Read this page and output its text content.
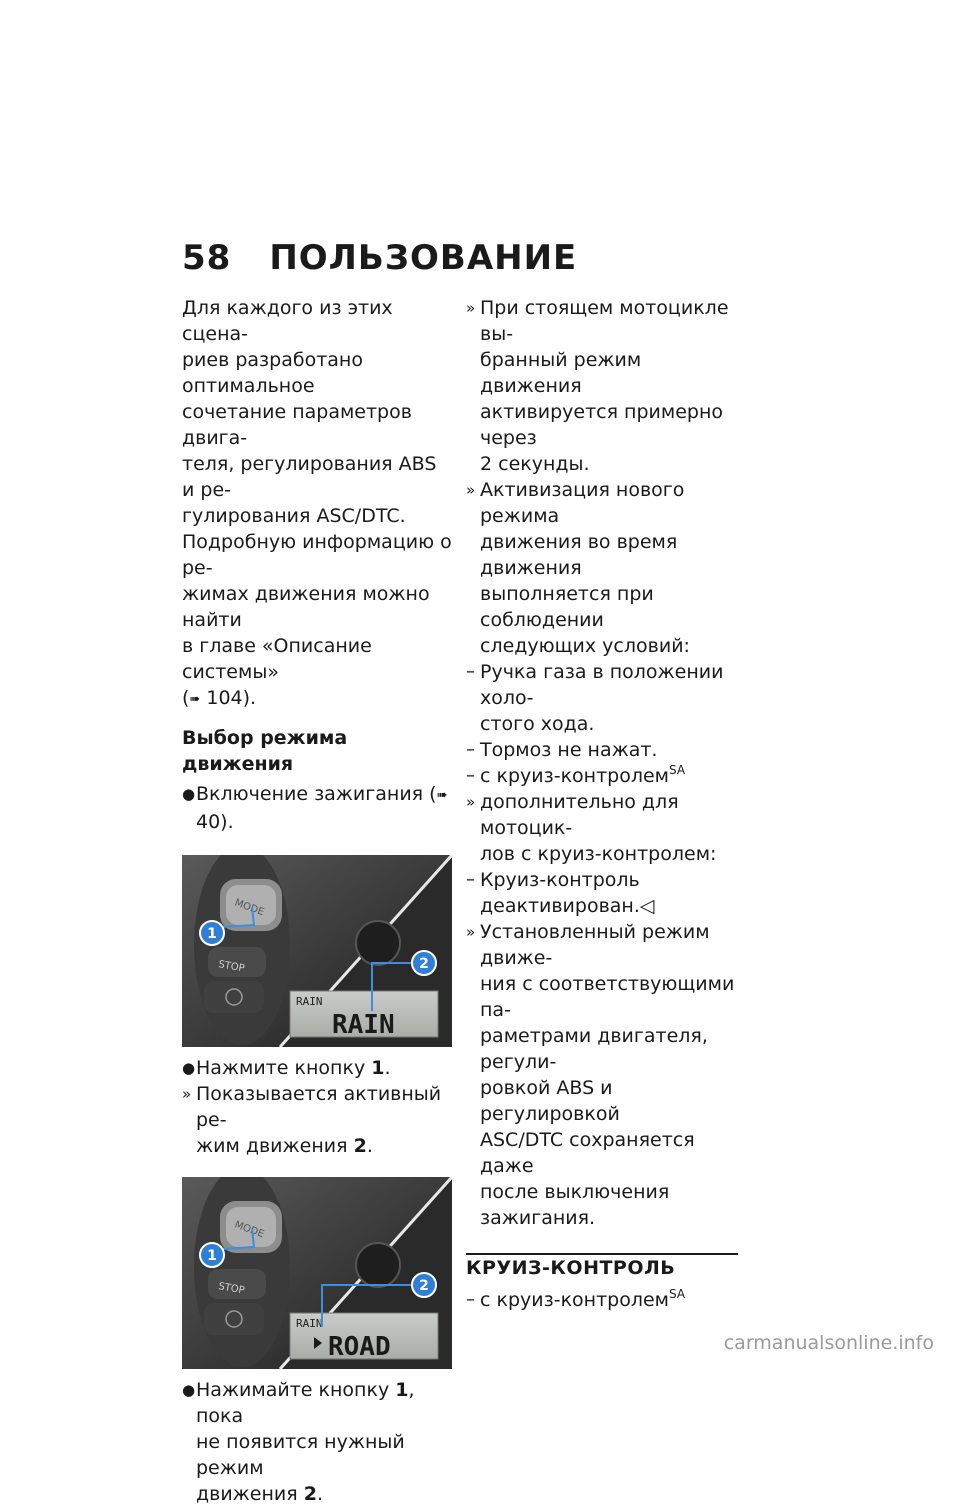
58 ПОЛЬЗОВАНИЕ

Для каждого из этих сцена-

риев разработано оптимальное

сочетание параметров двига-

теля, регулирования ABS и ре-

гулирования ASC/DTC.

Подробную информацию о ре-

жимах движения можно найти

в главе «Описание системы»

(➠ 104).

Выбор режима движения

● Включение зажигания (➠ 40).
MODE
STOP
RAIN
RAIN
1
2
● Нажмите кнопку 1.
» Показывается активный ре-

жим движения 2.

MODE
STOP
RAIN
ROAD
1
2
● Нажимайте кнопку 1, пока

не появится нужный режим

движения 2.

» При стоящем мотоцикле вы-

бранный режим движения

активируется примерно через

2 секунды.

» Активизация нового режима

движения во время движения

выполняется при соблюдении

следующих условий:

– Ручка газа в положении холо-

стого хода.

– Тормоз не нажат.

– с круиз-контролем$^{SA}$

» дополнительно для мотоцик-

лов с круиз-контролем:

– Круиз-контроль

деактивирован.◁

» Установленный режим движе-

ния с соответствующими па-

раметрами двигателя, регули-

ровкой ABS и регулировкой

ASC/DTC сохраняется даже

после выключения зажигания.

КРУИЗ-КОНТРОЛЬ

– с круиз-контролем$^{SA}$

carmanualsonline.info
